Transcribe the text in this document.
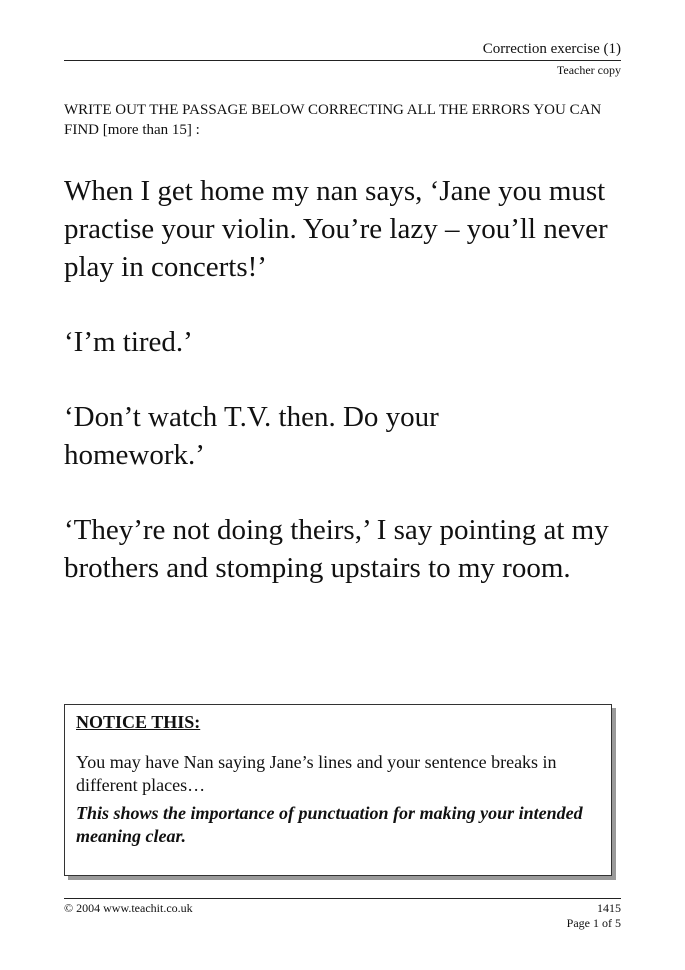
Correction exercise (1)
Teacher copy
WRITE OUT THE PASSAGE BELOW CORRECTING ALL THE ERRORS YOU CAN FIND [more than 15] :

When I get home my nan says, ‘Jane you must practise your violin. You’re lazy – you’ll never play in concerts!’

‘I’m tired.’

‘Don’t watch T.V. then. Do your homework.’

‘They’re not doing theirs,’ I say pointing at my brothers and stomping upstairs to my room.

NOTICE THIS:

You may have Nan saying Jane’s lines and your sentence breaks in different places…

This shows the importance of punctuation for making your intended meaning clear.

© 2004 www.teachit.co.uk	1415
Page 1 of 5
